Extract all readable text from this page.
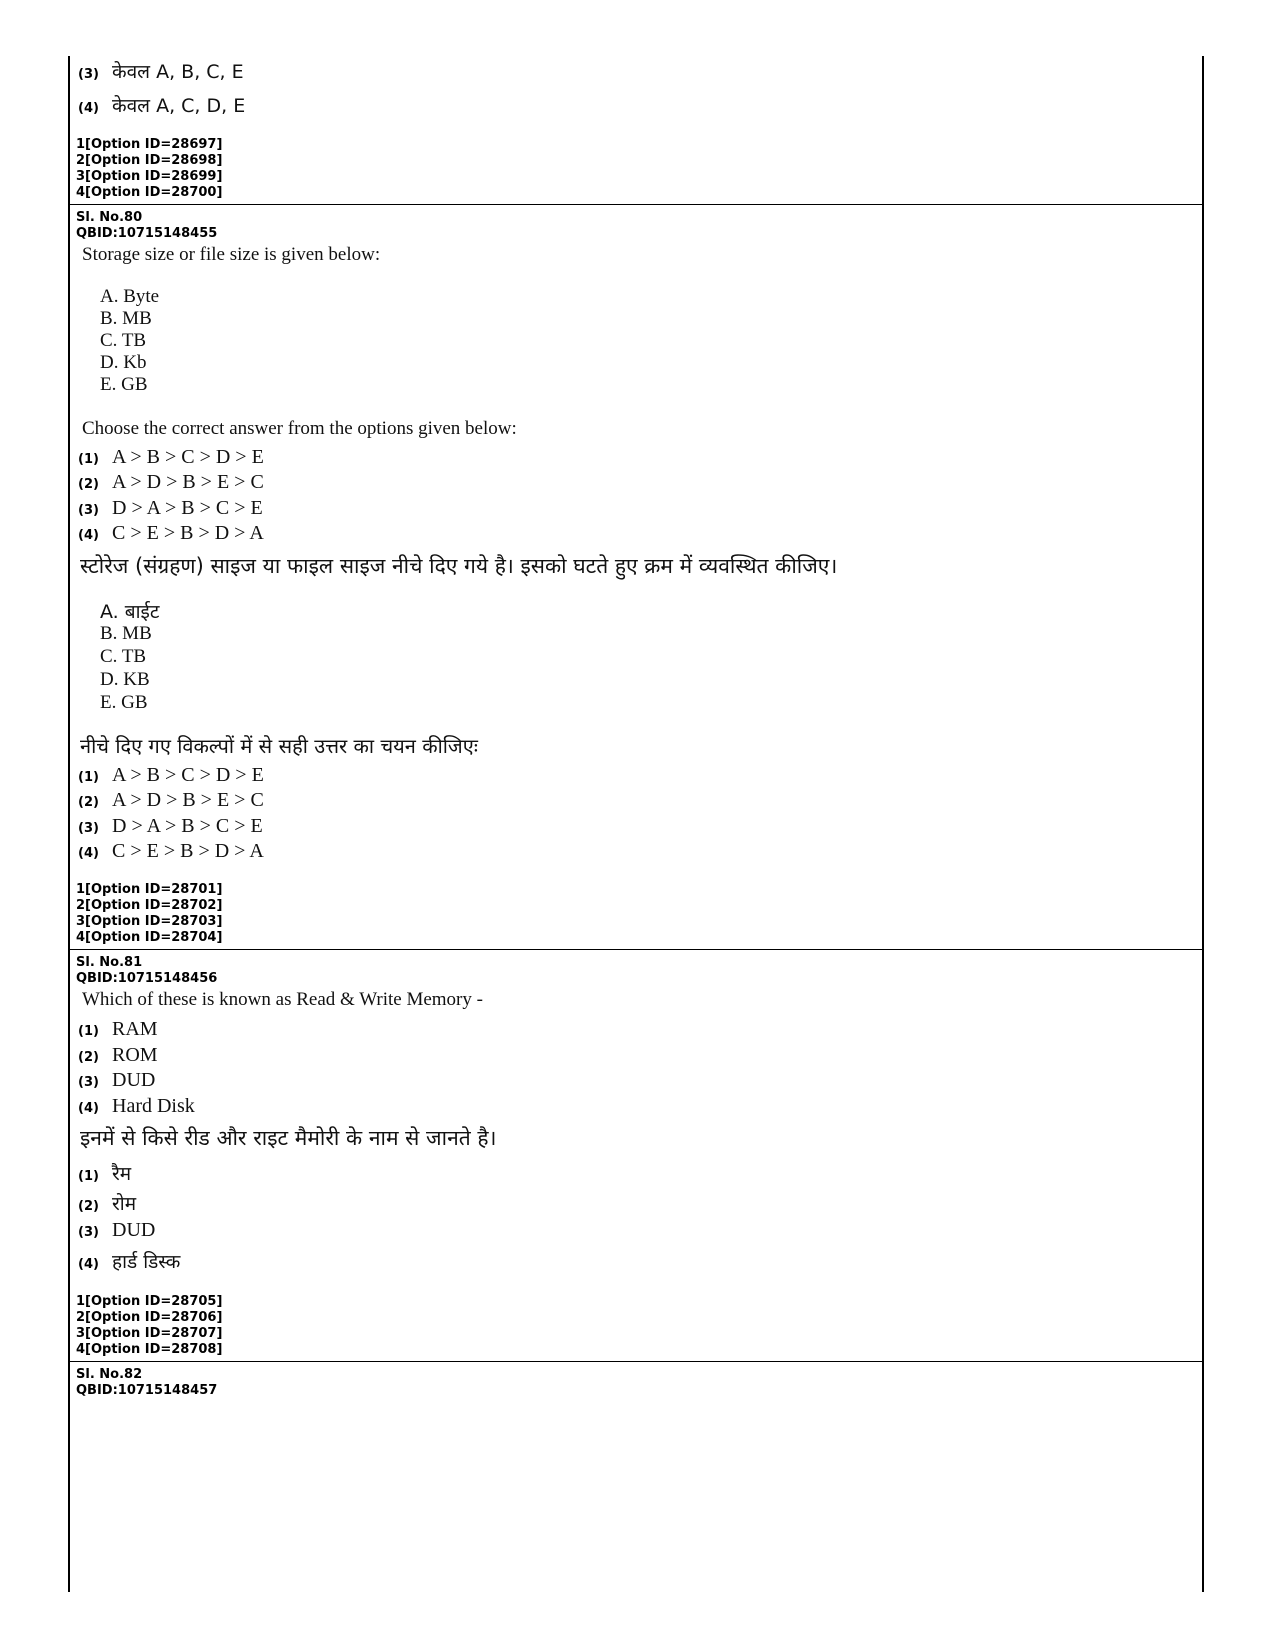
(3) केवल A, B, C, E
(4) केवल A, C, D, E
1[Option ID=28697]
2[Option ID=28698]
3[Option ID=28699]
4[Option ID=28700]
Sl. No.80
QBID:10715148455
Storage size or file size is given below:
A. Byte
B. MB
C. TB
D. Kb
E. GB
Choose the correct answer from the options given below:
(1) A > B > C > D > E
(2) A > D > B > E > C
(3) D > A > B > C > E
(4) C > E > B > D > A
स्टोरेज (संग्रहण) साइज या फाइल साइज नीचे दिए गये है। इसको घटते हुए क्रम में व्यवस्थित कीजिए।
A. बाईट
B. MB
C. TB
D. KB
E. GB
नीचे दिए गए विकल्पों में से सही उत्तर का चयन कीजिएः
(1) A > B > C > D > E
(2) A > D > B > E > C
(3) D > A > B > C > E
(4) C > E > B > D > A
1[Option ID=28701]
2[Option ID=28702]
3[Option ID=28703]
4[Option ID=28704]
Sl. No.81
QBID:10715148456
Which of these is known as Read & Write Memory -
(1) RAM
(2) ROM
(3) DUD
(4) Hard Disk
इनमें से किसे रीड और राइट मैमोरी के नाम से जानते है।
(1) रैम
(2) रोम
(3) DUD
(4) हार्ड डिस्क
1[Option ID=28705]
2[Option ID=28706]
3[Option ID=28707]
4[Option ID=28708]
Sl. No.82
QBID:10715148457
